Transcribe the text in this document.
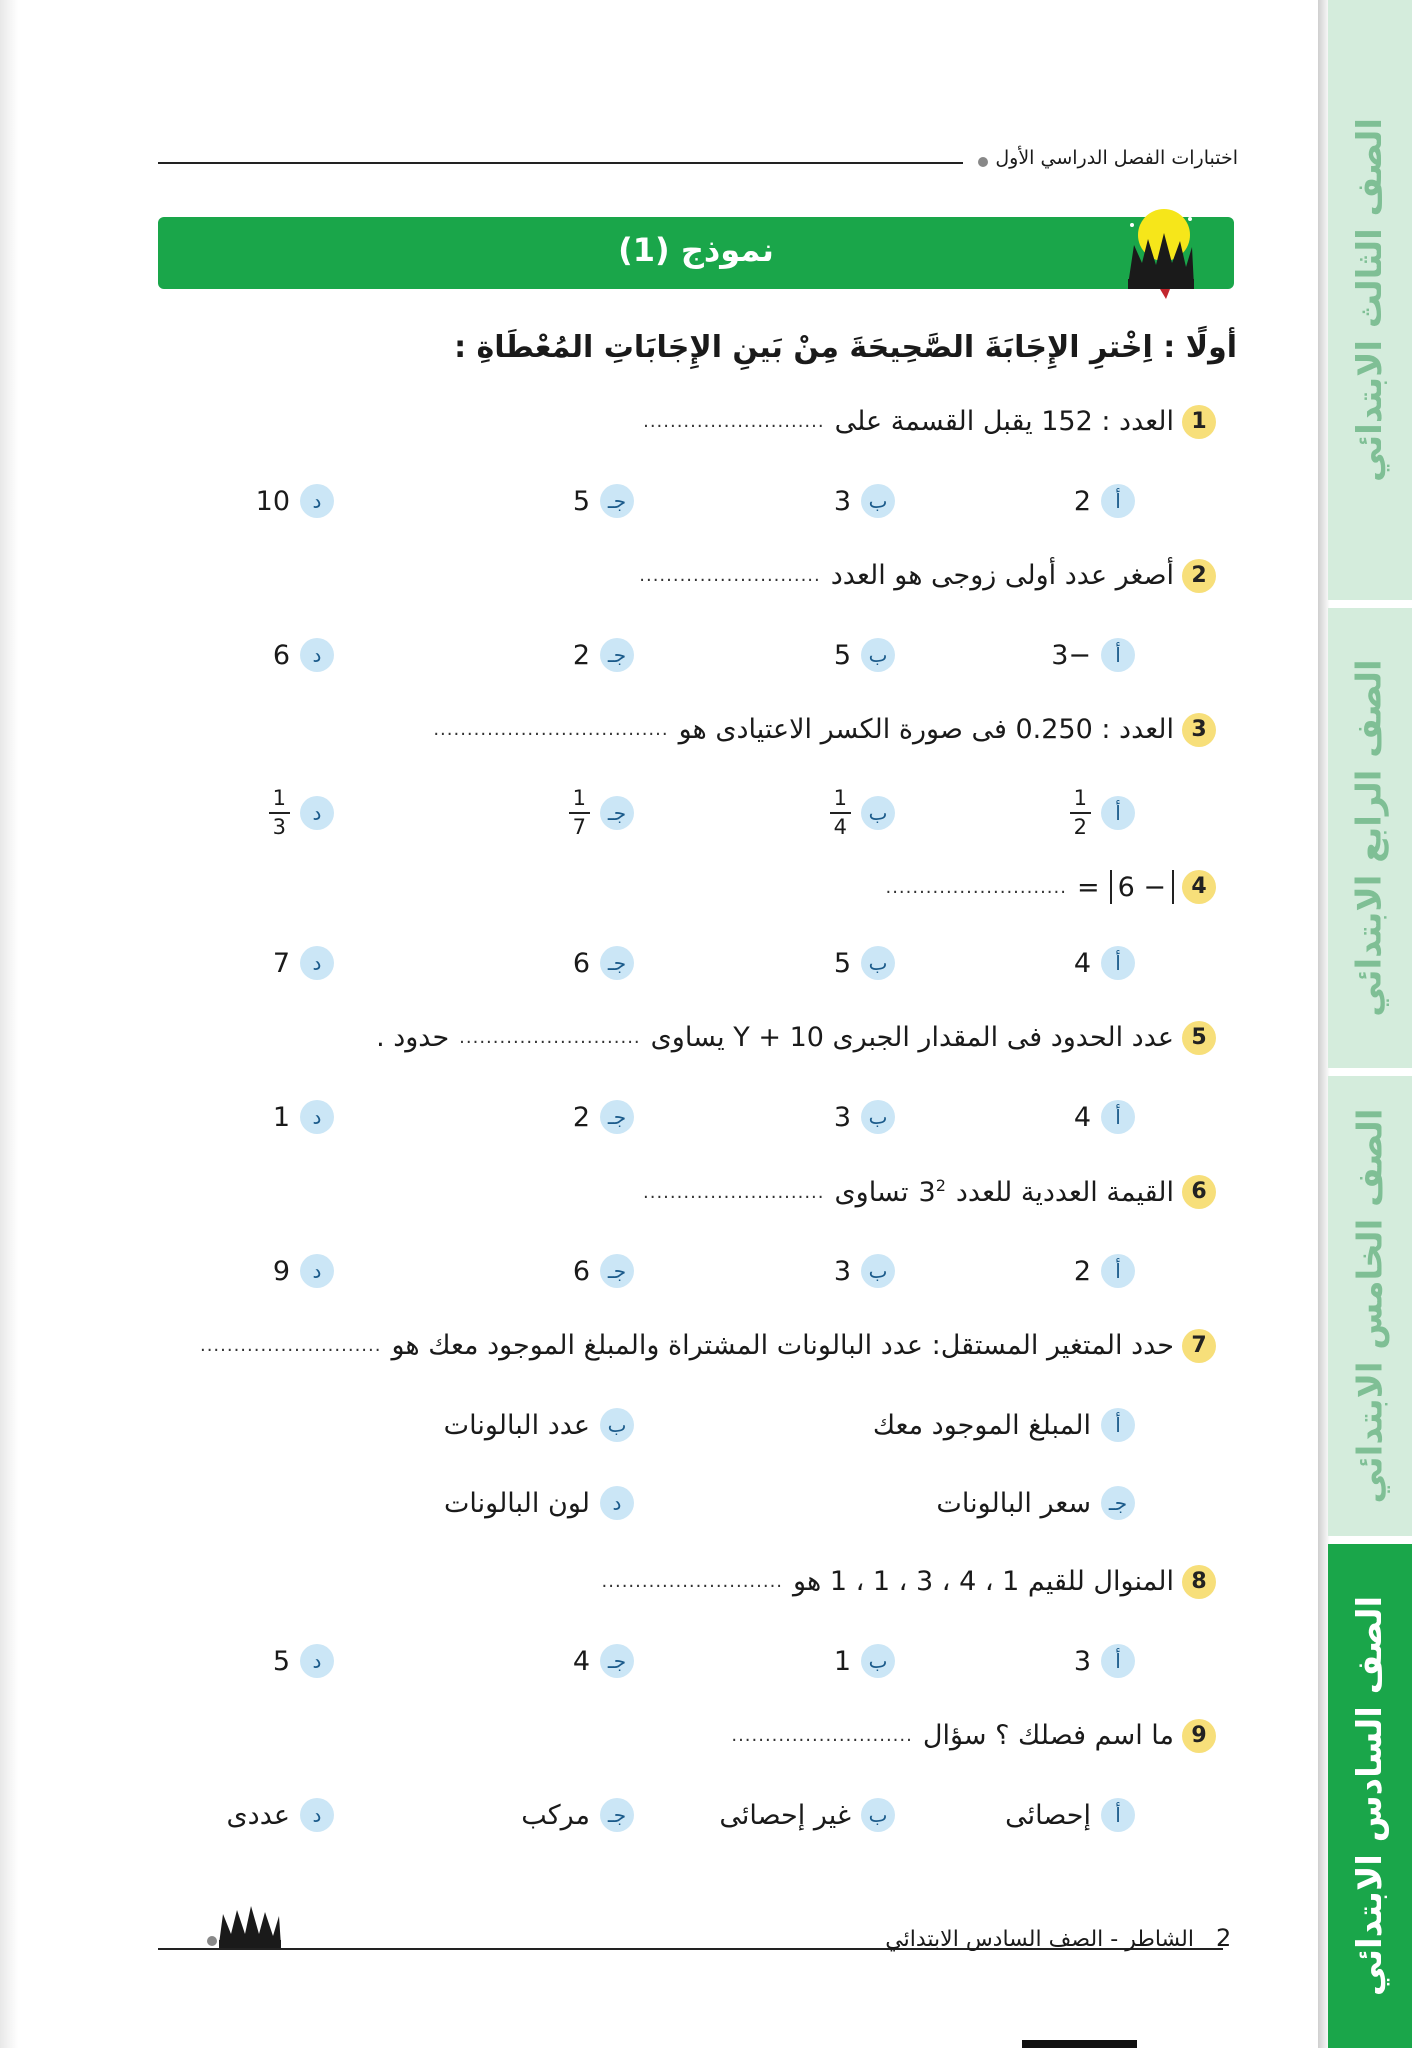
اختبارات الفصل الدراسي الأول
نموذج (1)
أولًا : اِخْترِ الإِجَابَةَ الصَّحِيحَةَ مِنْ بَينِ الإِجَابَاتِ المُعْطَاةِ :
1
العدد : 152 يقبل القسمة على
...........................
أ
2
ب
3
جـ
5
د
10
2
أصغر عدد أولى زوجى هو العدد
...........................
أ
−3
ب
5
جـ
2
د
6
3
العدد : 0.250 فى صورة الكسر الاعتيادى هو
...................................
أ
$\frac{1}{2}$
ب
$\frac{1}{4}$
جـ
$\frac{1}{7}$
د
$\frac{1}{3}$
4
− 6
=
...........................
أ
4
ب
5
جـ
6
د
7
5
عدد الحدود فى المقدار الجبرى 10 + Y يساوى
...........................
حدود .
أ
4
ب
3
جـ
2
د
1
6
القيمة العددية للعدد
$3^2$
تساوى
...........................
أ
2
ب
3
جـ
6
د
9
7
حدد المتغير المستقل: عدد البالونات المشتراة والمبلغ الموجود معك هو
...........................
أ
المبلغ الموجود معك
ب
عدد البالونات
جـ
سعر البالونات
د
لون البالونات
8
المنوال للقيم 1 ، 4 ، 3 ، 1 ، 1 هو
...........................
أ
3
ب
1
جـ
4
د
5
9
ما اسم فصلك ؟ سؤال
...........................
أ
إحصائى
ب
غير إحصائى
جـ
مركب
د
عددى
الشاطر - الصف السادس الابتدائي 2
الصف الثالث الابتدائي
الصف الرابع الابتدائي
الصف الخامس الابتدائي
الصف السادس الابتدائي
